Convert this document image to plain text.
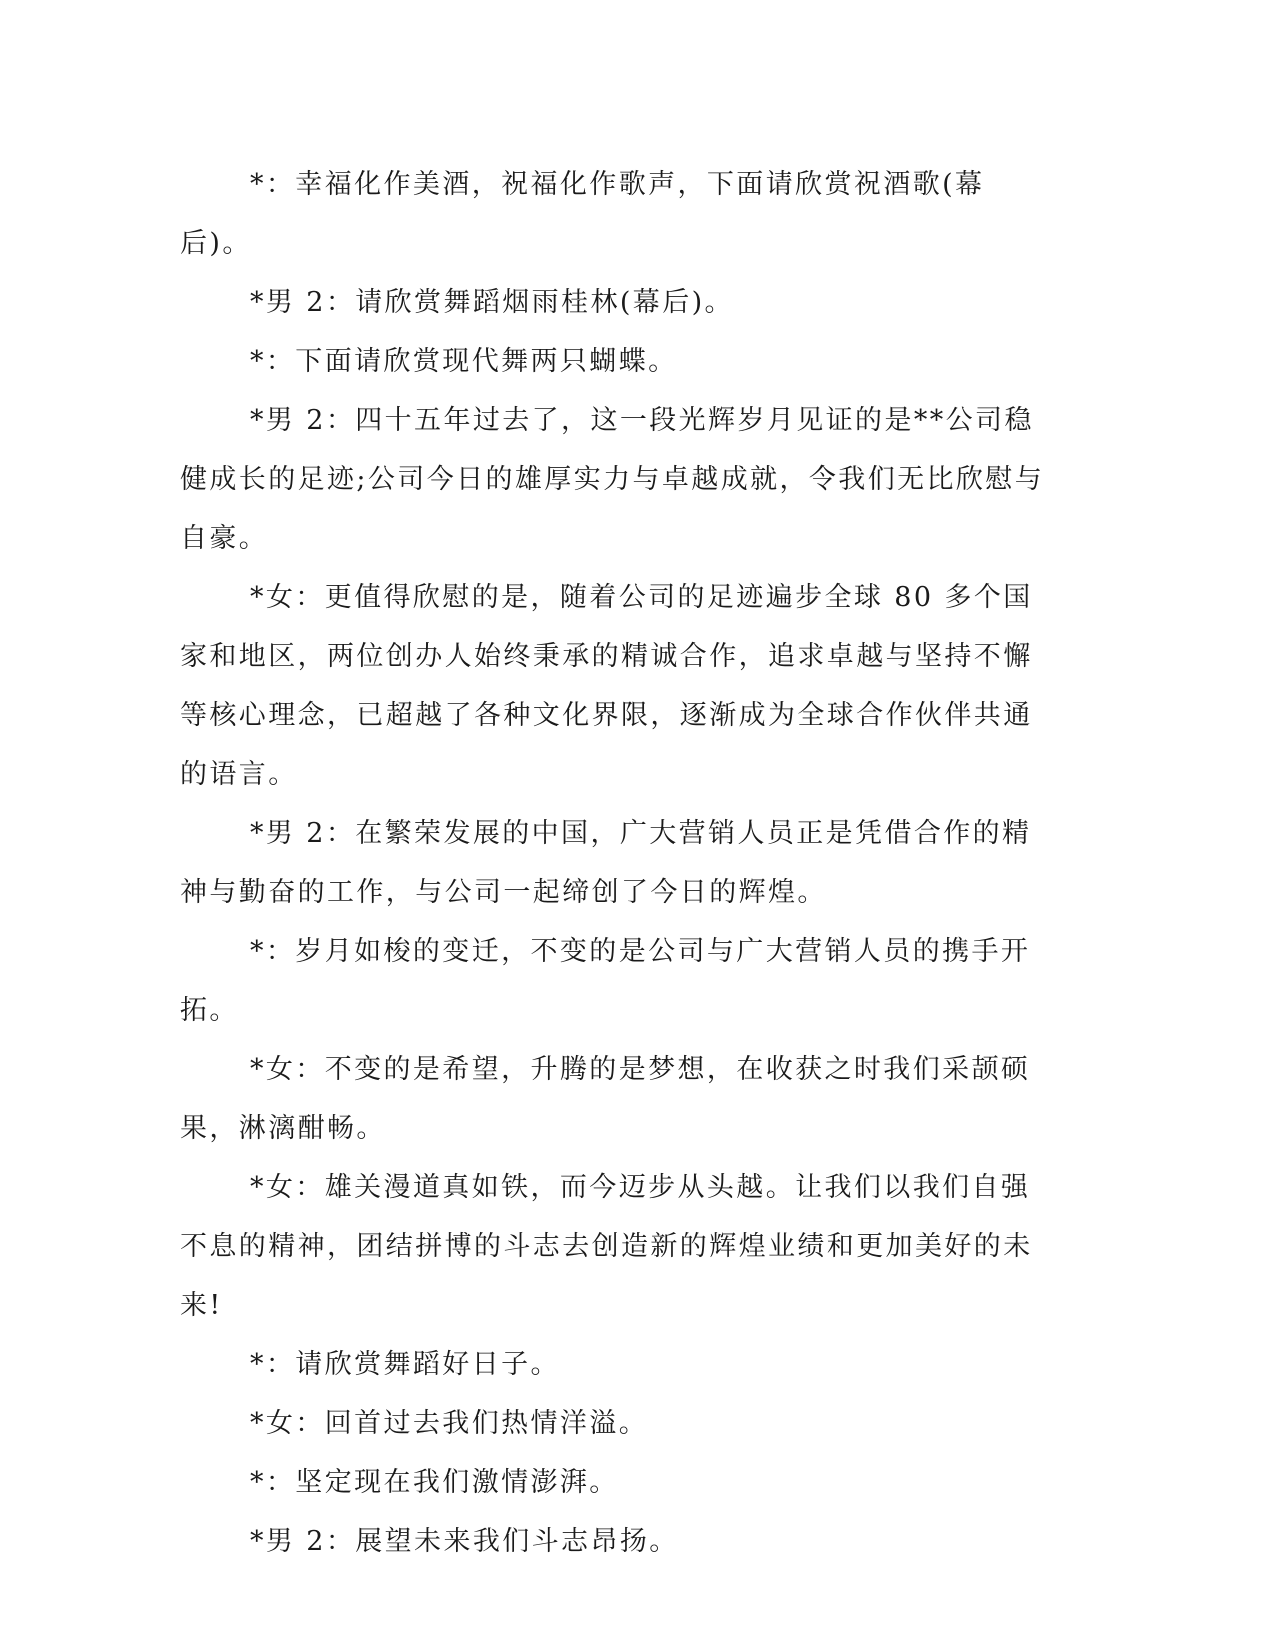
*：幸福化作美酒，祝福化作歌声，下面请欣赏祝酒歌(幕后)。

*男 2：请欣赏舞蹈烟雨桂林(幕后)。

*：下面请欣赏现代舞两只蝴蝶。

*男 2：四十五年过去了，这一段光辉岁月见证的是**公司稳健成长的足迹;公司今日的雄厚实力与卓越成就，令我们无比欣慰与自豪。

*女：更值得欣慰的是，随着公司的足迹遍步全球 80 多个国家和地区，两位创办人始终秉承的精诚合作，追求卓越与坚持不懈等核心理念，已超越了各种文化界限，逐渐成为全球合作伙伴共通的语言。

*男 2：在繁荣发展的中国，广大营销人员正是凭借合作的精神与勤奋的工作，与公司一起缔创了今日的辉煌。

*：岁月如梭的变迁，不变的是公司与广大营销人员的携手开拓。

*女：不变的是希望，升腾的是梦想，在收获之时我们采颉硕果，淋漓酣畅。

*女：雄关漫道真如铁，而今迈步从头越。让我们以我们自强不息的精神，团结拼博的斗志去创造新的辉煌业绩和更加美好的未来!

*：请欣赏舞蹈好日子。

*女：回首过去我们热情洋溢。

*：坚定现在我们激情澎湃。

*男 2：展望未来我们斗志昂扬。
